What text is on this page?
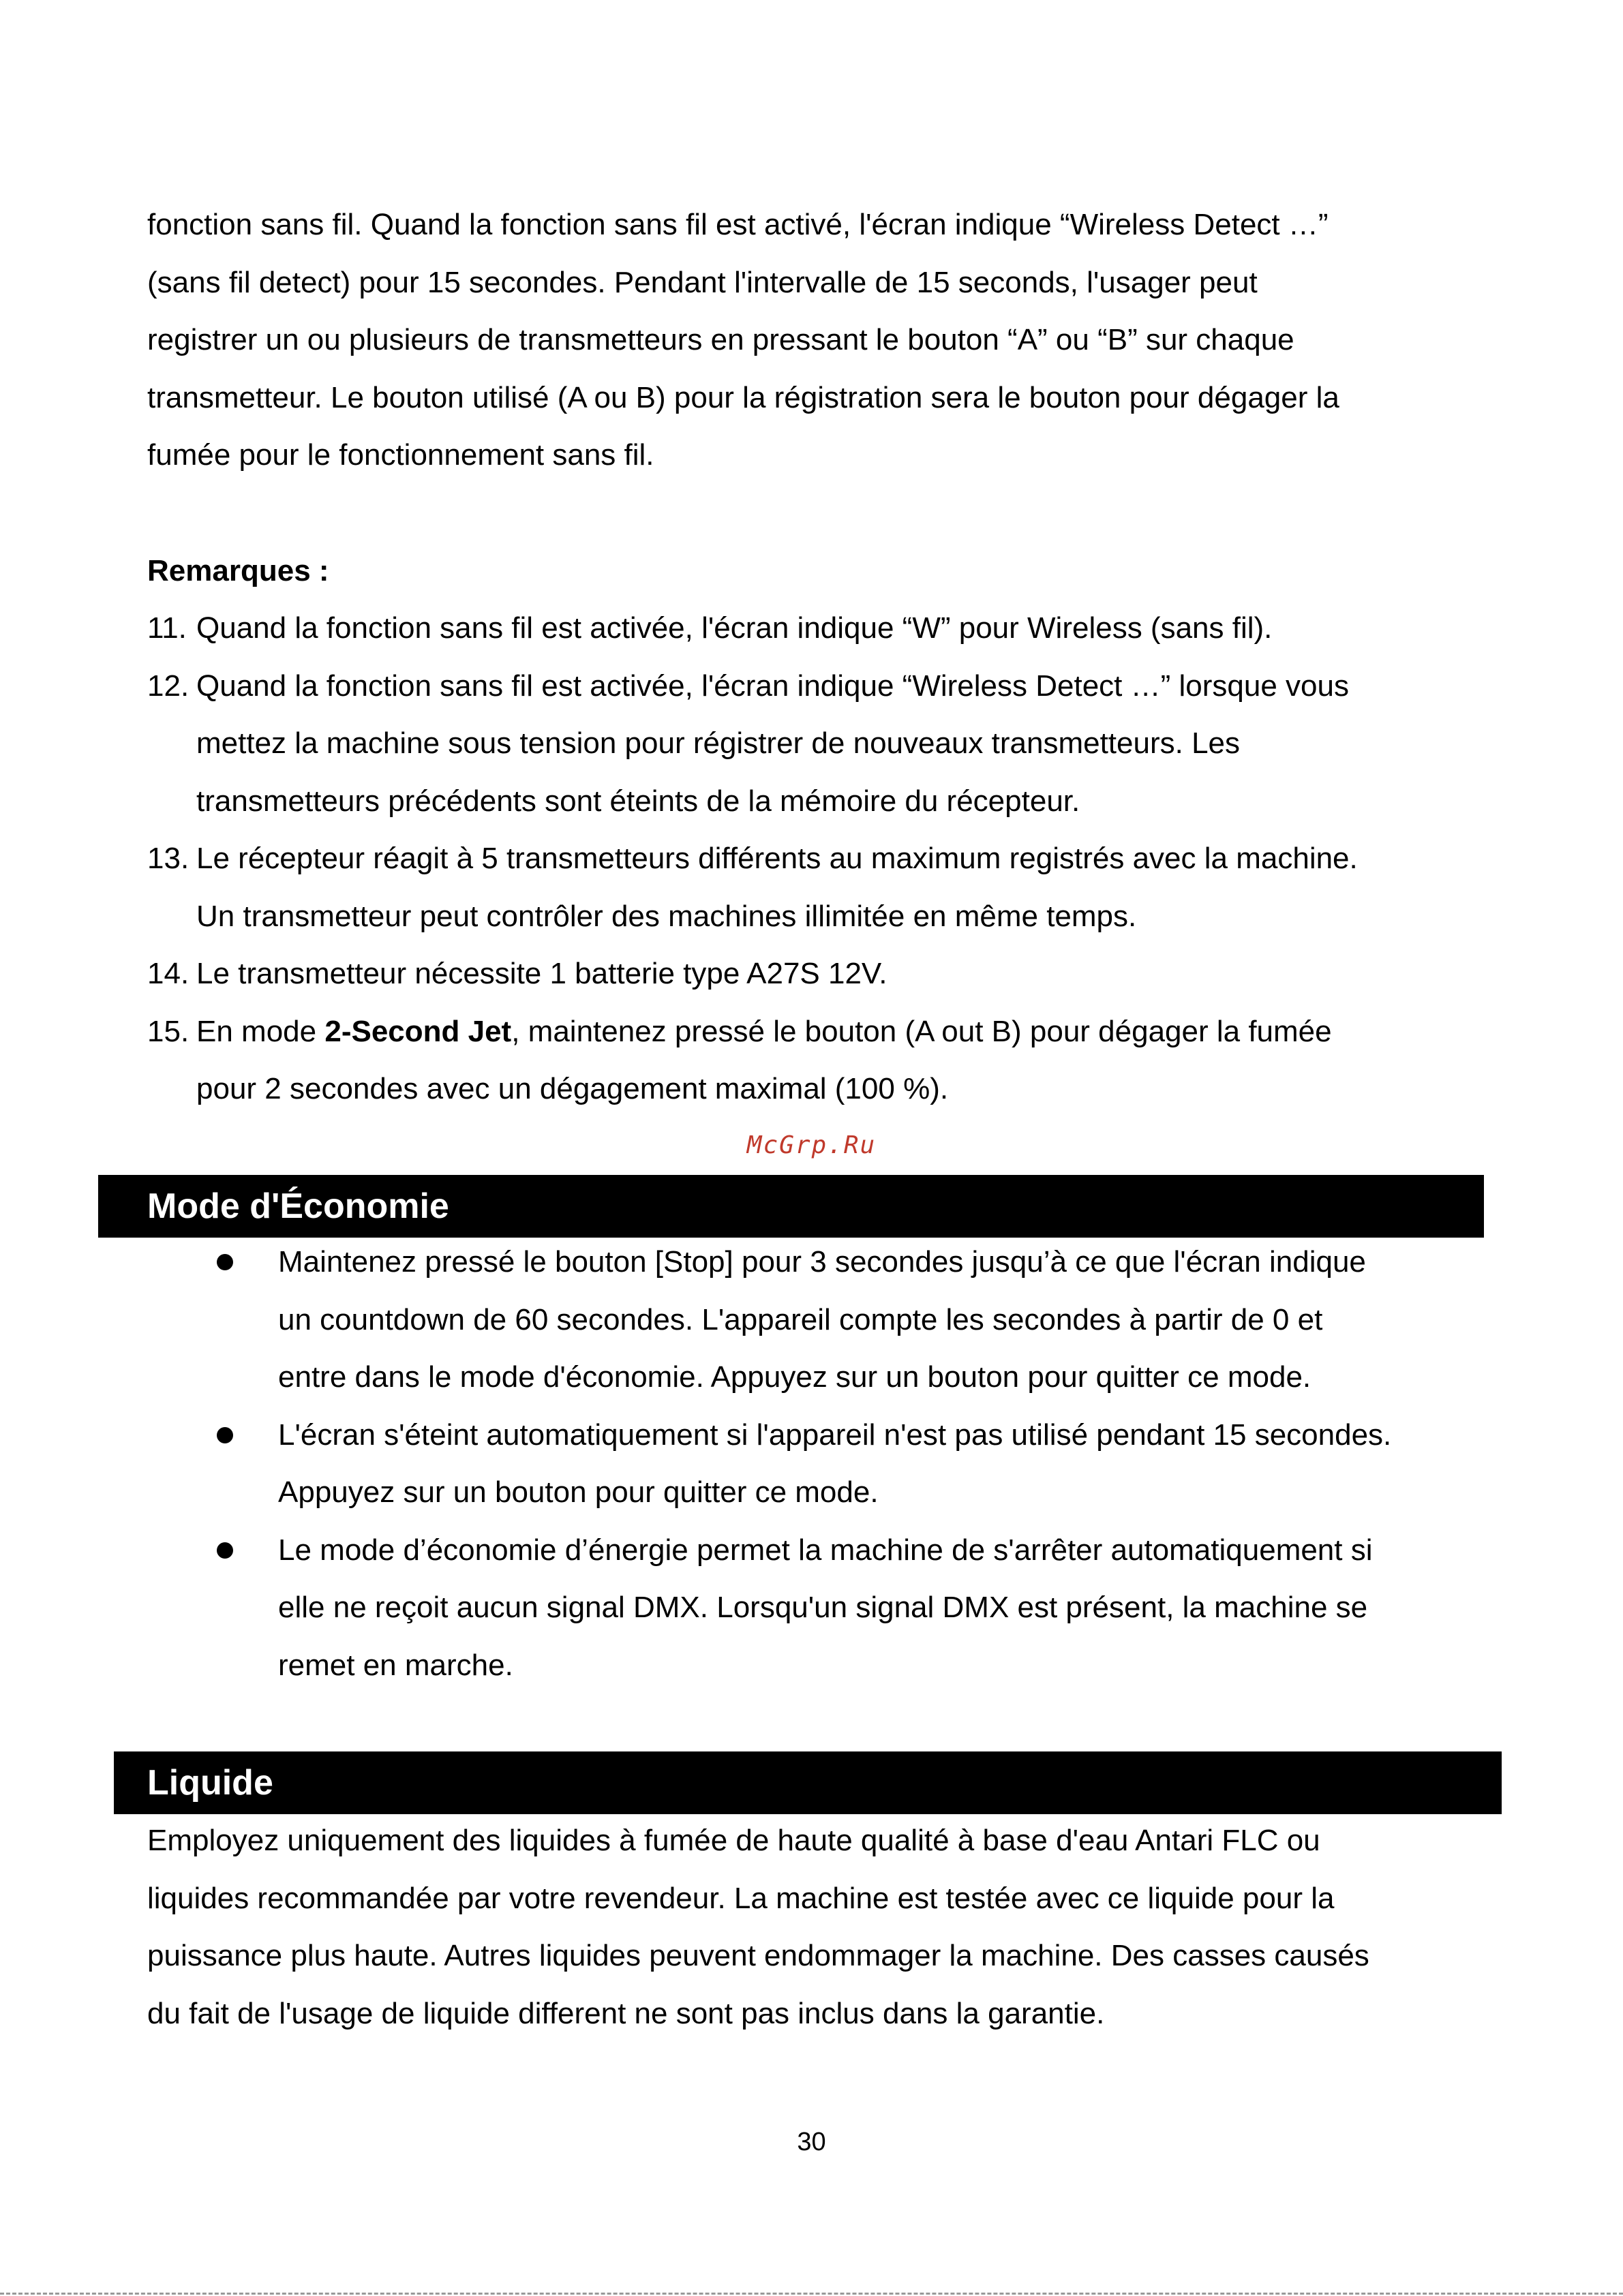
fonction sans fil. Quand la fonction sans fil est activé, l'écran indique “Wireless Detect …”
(sans fil detect) pour 15 secondes. Pendant l'intervalle de 15 seconds, l'usager peut
registrer un ou plusieurs de transmetteurs en pressant le bouton “A” ou “B” sur chaque
transmetteur. Le bouton utilisé (A ou B) pour la régistration sera le bouton pour dégager la
fumée pour le fonctionnement sans fil.
Remarques :
11. Quand la fonction sans fil est activée, l'écran indique “W” pour Wireless (sans fil).
12. Quand la fonction sans fil est activée, l'écran indique “Wireless Detect …” lorsque vous
mettez la machine sous tension pour régistrer de nouveaux transmetteurs. Les
transmetteurs précédents sont éteints de la mémoire du récepteur.
13. Le récepteur réagit à 5 transmetteurs différents au maximum registrés avec la machine.
Un transmetteur peut contrôler des machines illimitée en même temps.
14. Le transmetteur nécessite 1 batterie type A27S 12V.
15. En mode 2-Second Jet, maintenez pressé le bouton (A out B) pour dégager la fumée
pour 2 secondes avec un dégagement maximal (100 %).
McGrp.Ru
Mode d'Économie
Maintenez pressé le bouton [Stop] pour 3 secondes jusqu’à ce que l'écran indique
un countdown de 60 secondes. L'appareil compte les secondes à partir de 0 et
entre dans le mode d'économie. Appuyez sur un bouton pour quitter ce mode.
L'écran s'éteint automatiquement si l'appareil n'est pas utilisé pendant 15 secondes.
Appuyez sur un bouton pour quitter ce mode.
Le mode d’économie d’énergie permet la machine de s'arrêter automatiquement si
elle ne reçoit aucun signal DMX. Lorsqu'un signal DMX est présent, la machine se
remet en marche.
Liquide
Employez uniquement des liquides à fumée de haute qualité à base d'eau Antari FLC ou
liquides recommandée par votre revendeur. La machine est testée avec ce liquide pour la
puissance plus haute. Autres liquides peuvent endommager la machine. Des casses causés
du fait de l'usage de liquide different ne sont pas inclus dans la garantie.
30
